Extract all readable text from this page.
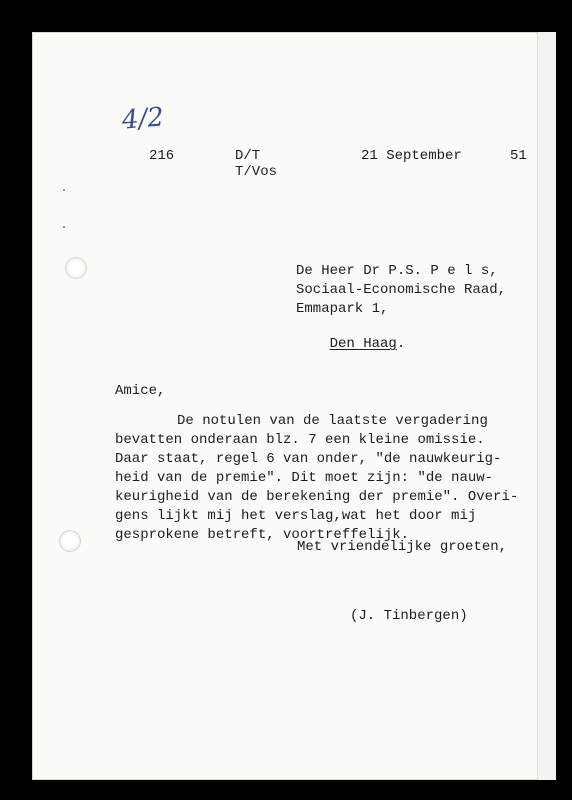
4/2
216	D/T
T/Vos
21 September	51
De Heer Dr P.S. P e l s,
Sociaal-Economische Raad,
Emmapark 1,

Den Haag.

Amice,
De notulen van de laatste vergadering
bevatten onderaan blz. 7 een kleine omissie.
Daar staat, regel 6 van onder, "de nauwkeurig-
heid van de premie". Dit moet zijn: "de nauw-
keurigheid van de berekening der premie". Overi-
gens lijkt mij het verslag,wat het door mij
gesprokene betreft, voortreffelijk.
Met vriendelijke groeten,
(J. Tinbergen)
